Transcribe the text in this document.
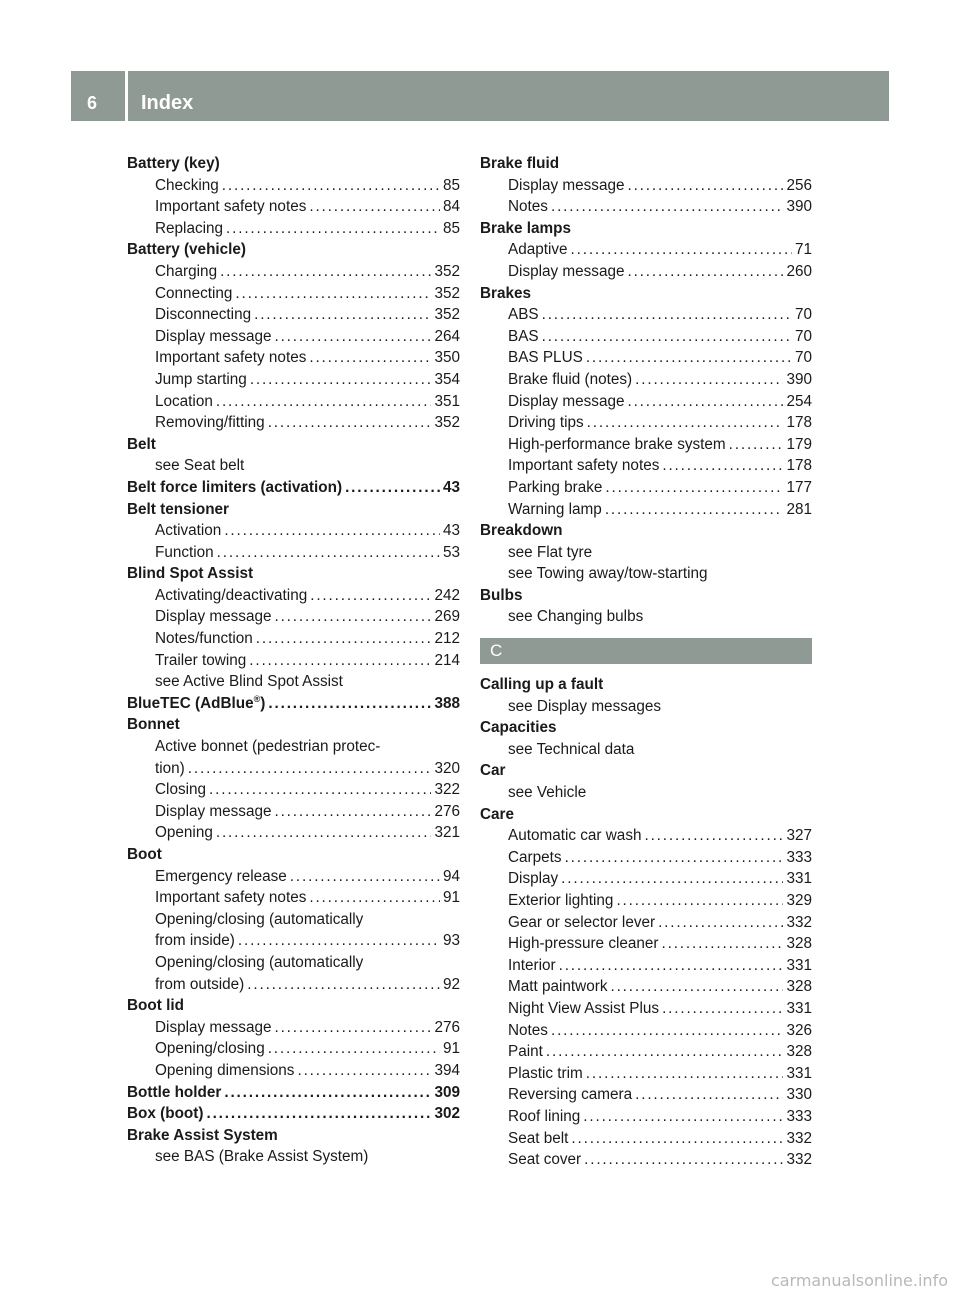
6 Index
Battery (key)
Checking . . .	85
Important safety notes . . .	84
Replacing . . .	85
Battery (vehicle)
Charging . . .	352
Connecting . . .	352
Disconnecting . . .	352
Display message . . .	264
Important safety notes . . .	350
Jump starting . . .	354
Location . . .	351
Removing/fitting . . .	352
Belt
see Seat belt
Belt force limiters (activation) . . .	43
Belt tensioner
Activation . . .	43
Function . . .	53
Blind Spot Assist
Activating/deactivating . . .	242
Display message . . .	269
Notes/function . . .	212
Trailer towing . . .	214
see Active Blind Spot Assist
BlueTEC (AdBlue®) . . .	388
Bonnet
Active bonnet (pedestrian protec-
tion) . . .	320
Closing . . .	322
Display message . . .	276
Opening . . .	321
Boot
Emergency release . . .	94
Important safety notes . . .	91
Opening/closing (automatically
from inside) . . .	93
Opening/closing (automatically
from outside) . . .	92
Boot lid
Display message . . .	276
Opening/closing . . .	91
Opening dimensions . . .	394
Bottle holder . . .	309
Box (boot) . . .	302
Brake Assist System
see BAS (Brake Assist System)
Brake fluid
Display message . . .	256
Notes . . .	390
Brake lamps
Adaptive . . .	71
Display message . . .	260
Brakes
ABS . . .	70
BAS . . .	70
BAS PLUS . . .	70
Brake fluid (notes) . . .	390
Display message . . .	254
Driving tips . . .	178
High-performance brake system . . .	179
Important safety notes . . .	178
Parking brake . . .	177
Warning lamp . . .	281
Breakdown
see Flat tyre
see Towing away/tow-starting
Bulbs
see Changing bulbs
C
Calling up a fault
see Display messages
Capacities
see Technical data
Car
see Vehicle
Care
Automatic car wash . . .	327
Carpets . . .	333
Display . . .	331
Exterior lighting . . .	329
Gear or selector lever . . .	332
High-pressure cleaner . . .	328
Interior . . .	331
Matt paintwork . . .	328
Night View Assist Plus . . .	331
Notes . . .	326
Paint . . .	328
Plastic trim . . .	331
Reversing camera . . .	330
Roof lining . . .	333
Seat belt . . .	332
Seat cover . . .	332
carmanualsonline.info
